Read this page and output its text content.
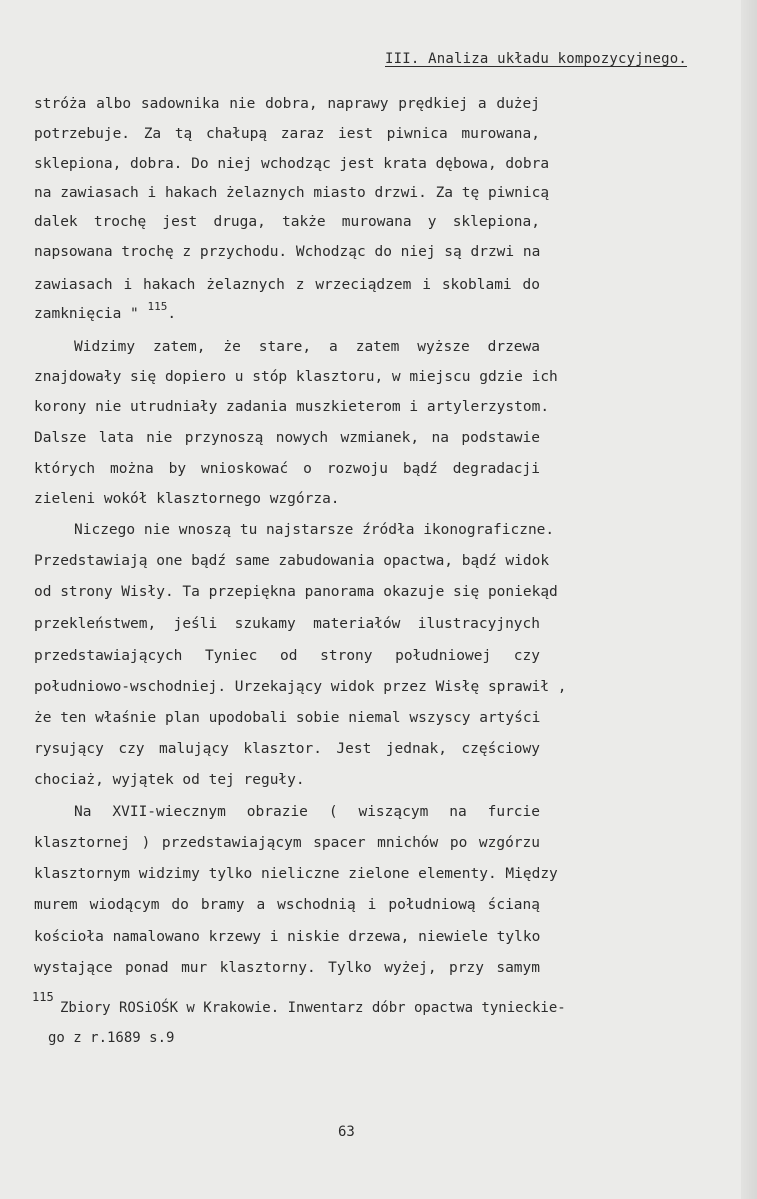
III. Analiza układu kompozycyjnego.
stróża albo sadownika nie dobra, naprawy prędkiej a dużej
potrzebuje. Za tą chałupą zaraz iest piwnica murowana,
sklepiona, dobra. Do niej wchodząc jest krata dębowa, dobra
na zawiasach i hakach żelaznych miasto drzwi. Za tę piwnicą
dalek trochę jest druga, także murowana y sklepiona,
napsowana trochę z przychodu. Wchodząc do niej są drzwi na
zawiasach i hakach żelaznych z wrzeciądzem i skoblami do
zamknięcia " $^{115}$.
Widzimy zatem, że stare, a zatem wyższe drzewa
znajdowały się dopiero u stóp klasztoru, w miejscu gdzie ich
korony nie utrudniały zadania muszkieterom i artylerzystom.
Dalsze lata nie przynoszą nowych wzmianek, na podstawie
których można by wnioskować o rozwoju bądź degradacji
zieleni wokół klasztornego wzgórza.
Niczego nie wnoszą tu najstarsze źródła ikonograficzne.
Przedstawiają one bądź same zabudowania opactwa, bądź widok
od strony Wisły. Ta przepiękna panorama okazuje się poniekąd
przekleństwem, jeśli szukamy materiałów ilustracyjnych
przedstawiających Tyniec od strony południowej czy
południowo-wschodniej. Urzekający widok przez Wisłę sprawił ,
że ten właśnie plan upodobali sobie niemal wszyscy artyści
rysujący czy malujący klasztor. Jest jednak, częściowy
chociaż, wyjątek od tej reguły.
Na XVII-wiecznym obrazie ( wiszącym na furcie
klasztornej ) przedstawiającym spacer mnichów po wzgórzu
klasztornym widzimy tylko nieliczne zielone elementy. Między
murem wiodącym do bramy a wschodnią i południową ścianą
kościoła namalowano krzewy i niskie drzewa, niewiele tylko
wystające ponad mur klasztorny. Tylko wyżej, przy samym
115
Zbiory ROSiOŚK w Krakowie. Inwentarz dóbr opactwa tynieckie-
go z r.1689 s.9
63
